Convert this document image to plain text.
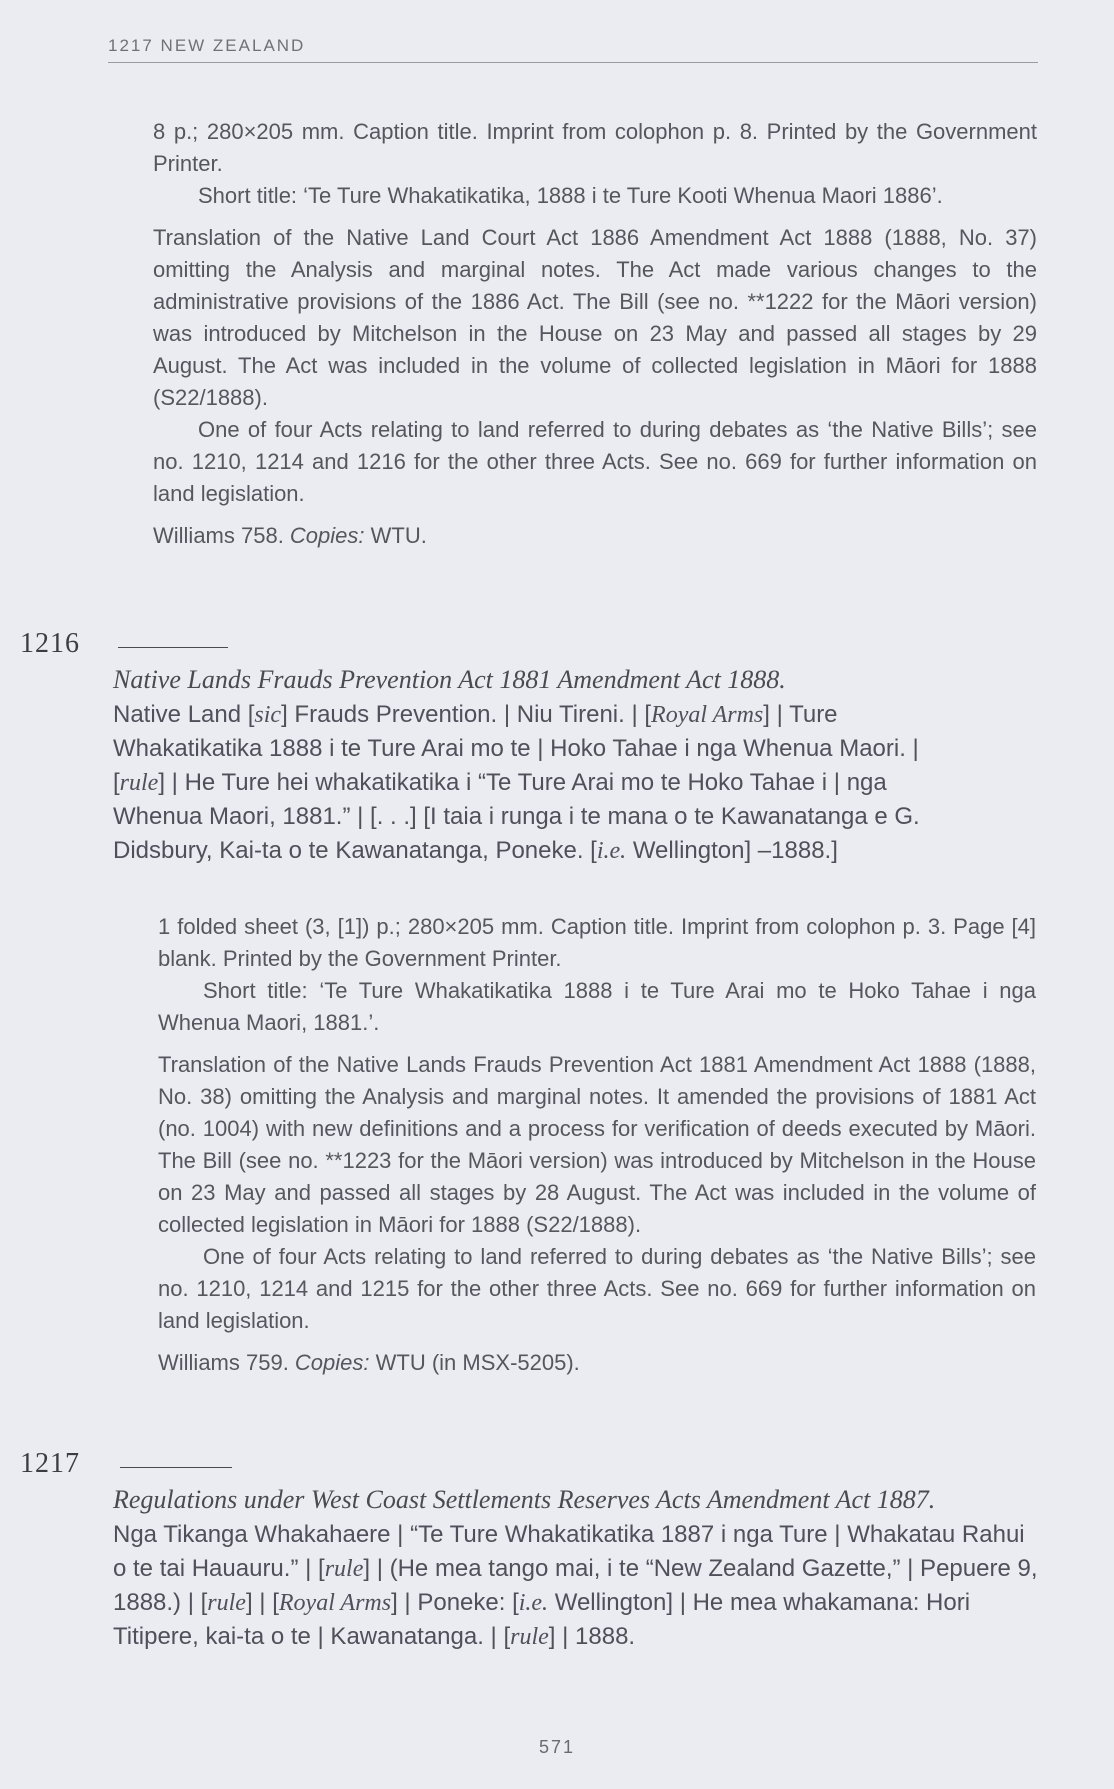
1217 NEW ZEALAND

8 p.; 280×205 mm. Caption title. Imprint from colophon p. 8. Printed by the Government Printer.

Short title: ‘Te Ture Whakatikatika, 1888 i te Ture Kooti Whenua Maori 1886’.

Translation of the Native Land Court Act 1886 Amendment Act 1888 (1888, No. 37) omitting the Analysis and marginal notes. The Act made various changes to the administrative provisions of the 1886 Act. The Bill (see no. **1222 for the Māori version) was introduced by Mitchelson in the House on 23 May and passed all stages by 29 August. The Act was included in the volume of collected legislation in Māori for 1888 (S22/1888).

One of four Acts relating to land referred to during debates as ‘the Native Bills’; see no. 1210, 1214 and 1216 for the other three Acts. See no. 669 for further information on land legislation.

Williams 758. Copies: WTU.

1216
Native Lands Frauds Prevention Act 1881 Amendment Act 1888.
Native Land [sic] Frauds Prevention. | Niu Tireni. | [Royal Arms] | Ture Whakatikatika 1888 i te Ture Arai mo te | Hoko Tahae i nga Whenua Maori. | [rule] | He Ture hei whakatikatika i “Te Ture Arai mo te Hoko Tahae i | nga Whenua Maori, 1881.” | [. . .] [I taia i runga i te mana o te Kawanatanga e G. Didsbury, Kai-ta o te Kawanatanga, Poneke. [i.e. Wellington] –1888.]

1 folded sheet (3, [1]) p.; 280×205 mm. Caption title. Imprint from colophon p. 3. Page [4] blank. Printed by the Government Printer.

Short title: ‘Te Ture Whakatikatika 1888 i te Ture Arai mo te Hoko Tahae i nga Whenua Maori, 1881.’.

Translation of the Native Lands Frauds Prevention Act 1881 Amendment Act 1888 (1888, No. 38) omitting the Analysis and marginal notes. It amended the provisions of 1881 Act (no. 1004) with new definitions and a process for verification of deeds executed by Māori. The Bill (see no. **1223 for the Māori version) was introduced by Mitchelson in the House on 23 May and passed all stages by 28 August. The Act was included in the volume of collected legislation in Māori for 1888 (S22/1888).

One of four Acts relating to land referred to during debates as ‘the Native Bills’; see no. 1210, 1214 and 1215 for the other three Acts. See no. 669 for further information on land legislation.

Williams 759. Copies: WTU (in MSX-5205).

1217
Regulations under West Coast Settlements Reserves Acts Amendment Act 1887.
Nga Tikanga Whakahaere | “Te Ture Whakatikatika 1887 i nga Ture | Whakatau Rahui o te tai Hauauru.” | [rule] | (He mea tango mai, i te “New Zealand Gazette,” | Pepuere 9, 1888.) | [rule] | [Royal Arms] | Poneke: [i.e. Wellington] | He mea whakamana: Hori Titipere, kai-ta o te | Kawanatanga. | [rule] | 1888.
571
